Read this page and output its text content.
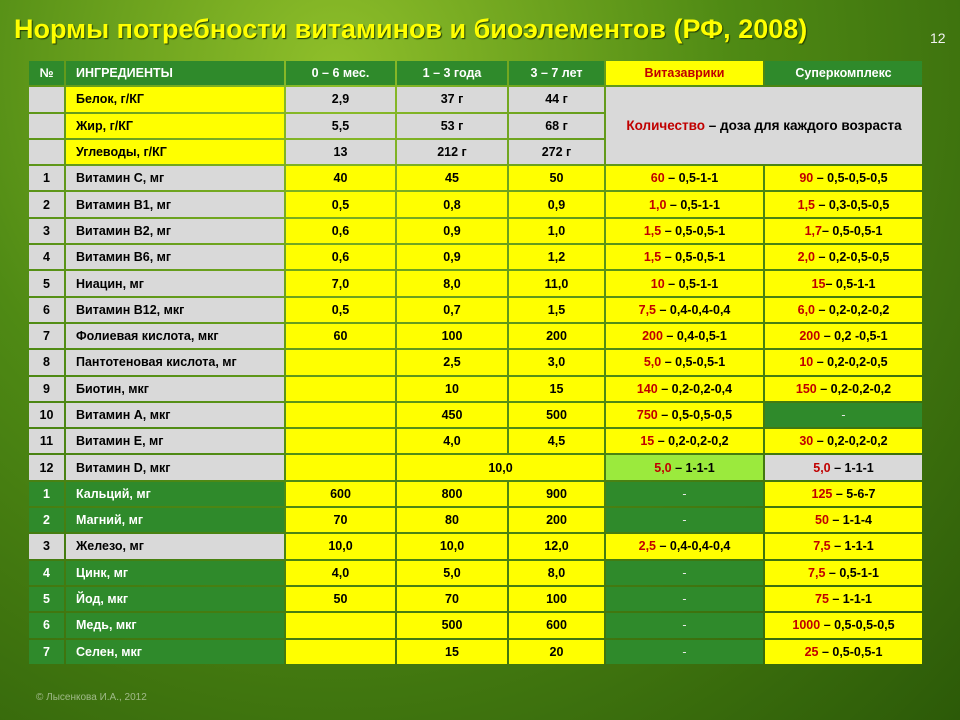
Нормы потребности витаминов и биоэлементов (РФ, 2008)	12
№	ИНГРЕДИЕНТЫ	0 – 6 мес.	1 – 3 года	3 – 7 лет	Витазаврики	Суперкомплекс
	Белок, г/КГ	2,9	37 г	44 г	Количество – доза для каждого возраста	
	Жир, г/КГ	5,5	53 г	68 г		
	Углеводы, г/КГ	13	212 г	272 г		
1	Витамин С, мг	40	45	50	60 – 0,5-1-1	90 – 0,5-0,5-0,5
2	Витамин В1, мг	0,5	0,8	0,9	1,0 – 0,5-1-1	1,5 – 0,3-0,5-0,5
3	Витамин В2, мг	0,6	0,9	1,0	1,5 – 0,5-0,5-1	1,7– 0,5-0,5-1
4	Витамин В6, мг	0,6	0,9	1,2	1,5 – 0,5-0,5-1	2,0 – 0,2-0,5-0,5
5	Ниацин, мг	7,0	8,0	11,0	10 – 0,5-1-1	15– 0,5-1-1
6	Витамин В12, мкг	0,5	0,7	1,5	7,5 – 0,4-0,4-0,4	6,0 – 0,2-0,2-0,2
7	Фолиевая кислота, мкг	60	100	200	200 – 0,4-0,5-1	200 – 0,2 -0,5-1
8	Пантотеновая кислота, мг		2,5	3,0	5,0 – 0,5-0,5-1	10 – 0,2-0,2-0,5
9	Биотин, мкг		10	15	140 – 0,2-0,2-0,4	150 – 0,2-0,2-0,2
10	Витамин А, мкг		450	500	750 – 0,5-0,5-0,5	-
11	Витамин Е, мг		4,0	4,5	15 – 0,2-0,2-0,2	30 – 0,2-0,2-0,2
12	Витамин D, мкг		10,0		5,0 – 1-1-1	5,0 – 1-1-1
1	Кальций, мг	600	800	900	-	125 – 5-6-7
2	Магний, мг	70	80	200	-	50 – 1-1-4
3	Железо, мг	10,0	10,0	12,0	2,5 – 0,4-0,4-0,4	7,5 – 1-1-1
4	Цинк, мг	4,0	5,0	8,0	-	7,5 – 0,5-1-1
5	Йод, мкг	50	70	100	-	75 – 1-1-1
6	Медь, мкг		500	600	-	1000 – 0,5-0,5-0,5
7	Селен, мкг		15	20	-	25 – 0,5-0,5-1
© Лысенкова И.А., 2012
